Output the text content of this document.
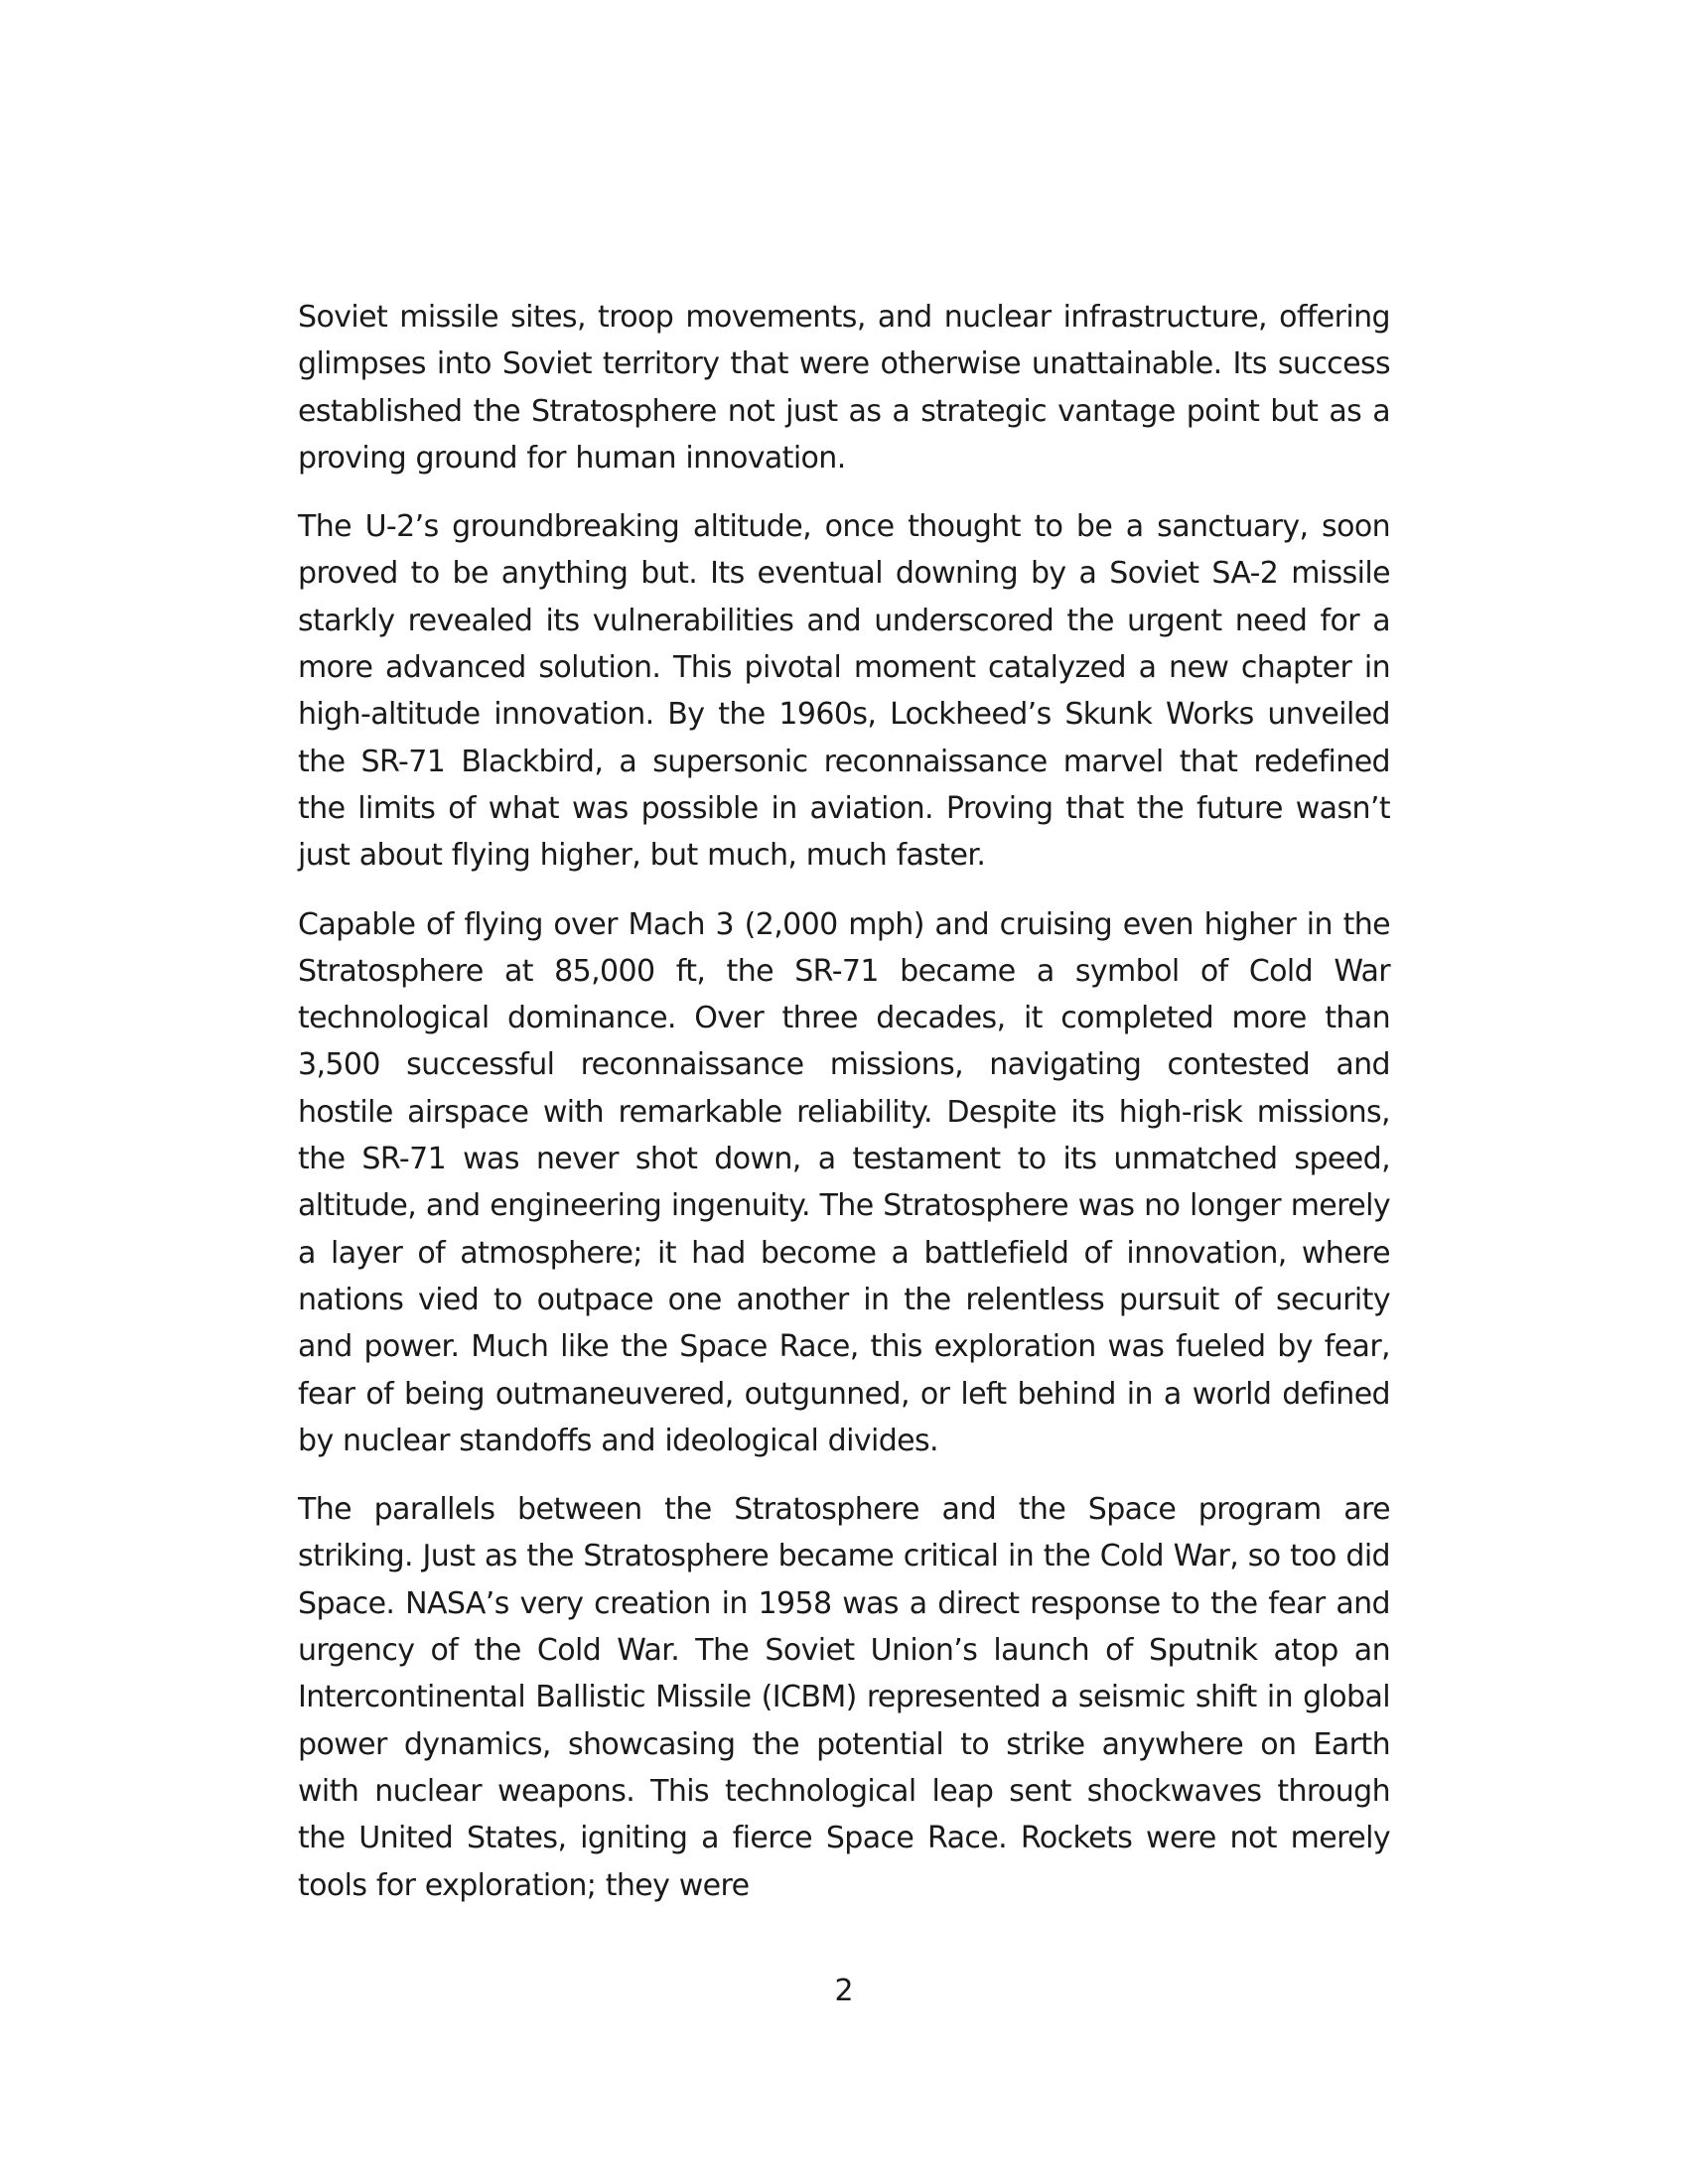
Soviet missile sites, troop movements, and nuclear infrastructure, offering glimpses into Soviet territory that were otherwise unattainable. Its success established the Stratosphere not just as a strategic vantage point but as a proving ground for human innovation.

The U-2’s groundbreaking altitude, once thought to be a sanctuary, soon proved to be anything but. Its eventual downing by a Soviet SA-2 missile starkly revealed its vulnerabilities and underscored the urgent need for a more advanced solution. This pivotal moment catalyzed a new chapter in high-altitude innovation. By the 1960s, Lockheed’s Skunk Works unveiled the SR-71 Blackbird, a supersonic reconnaissance marvel that redefined the limits of what was possible in aviation. Proving that the future wasn’t just about flying higher, but much, much faster.

Capable of flying over Mach 3 (2,000 mph) and cruising even higher in the Stratosphere at 85,000 ft, the SR-71 became a symbol of Cold War technological dominance. Over three decades, it completed more than 3,500 successful reconnaissance missions, navigating contested and hostile airspace with remarkable reliability. Despite its high-risk missions, the SR-71 was never shot down, a testament to its unmatched speed, altitude, and engineering ingenuity. The Stratosphere was no longer merely a layer of atmosphere; it had become a battlefield of innovation, where nations vied to outpace one another in the relentless pursuit of security and power. Much like the Space Race, this exploration was fueled by fear, fear of being outmaneuvered, outgunned, or left behind in a world defined by nuclear standoffs and ideological divides.

The parallels between the Stratosphere and the Space program are striking. Just as the Stratosphere became critical in the Cold War, so too did Space. NASA’s very creation in 1958 was a direct response to the fear and urgency of the Cold War. The Soviet Union’s launch of Sputnik atop an Intercontinental Ballistic Missile (ICBM) represented a seismic shift in global power dynamics, showcasing the potential to strike anywhere on Earth with nuclear weapons. This technological leap sent shockwaves through the United States, igniting a fierce Space Race. Rockets were not merely tools for exploration; they were

2
